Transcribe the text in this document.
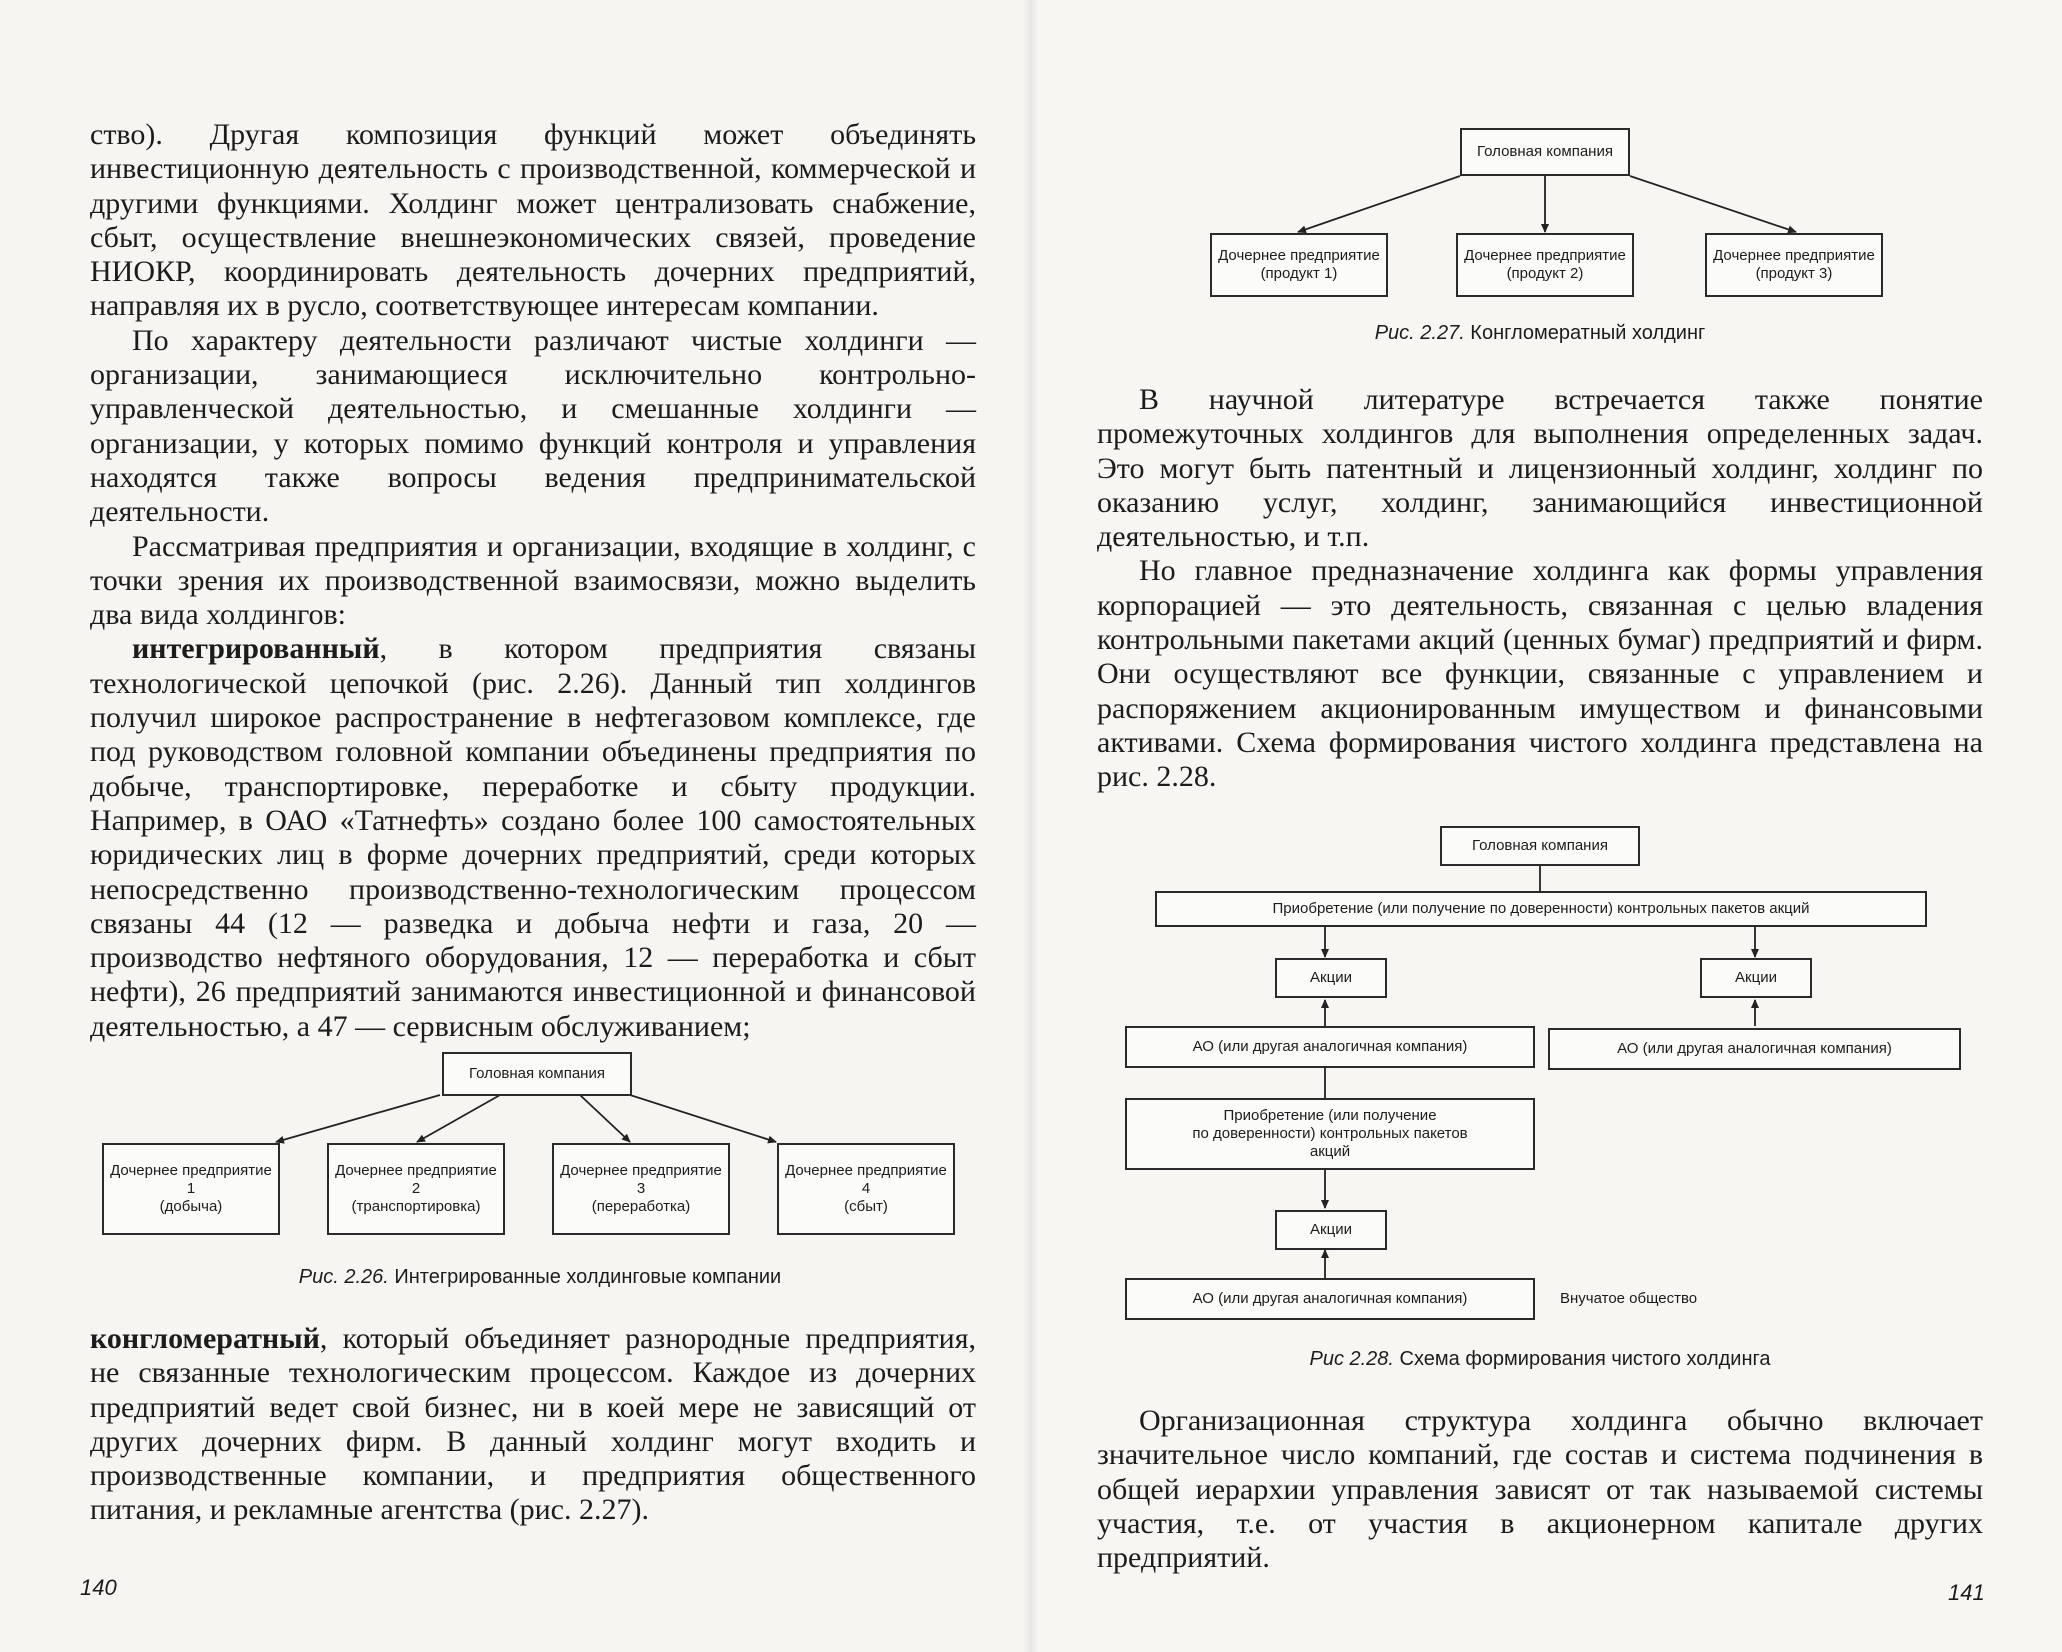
ство). Другая композиция функций может объединять инвестиционную деятельность с производственной, коммерческой и другими функциями. Холдинг может централизовать снабжение, сбыт, осуществление внешнеэкономических связей, проведение НИОКР, координировать деятельность дочерних предприятий, направляя их в русло, соответствующее интересам компании.

По характеру деятельности различают чистые холдинги — организации, занимающиеся исключительно контрольно-управленческой деятельностью, и смешанные холдинги — организации, у которых помимо функций контроля и управления находятся также вопросы ведения предпринимательской деятельности.

Рассматривая предприятия и организации, входящие в холдинг, с точки зрения их производственной взаимосвязи, можно выделить два вида холдингов:

интегрированный, в котором предприятия связаны технологической цепочкой (рис. 2.26). Данный тип холдингов получил широкое распространение в нефтегазовом комплексе, где под руководством головной компании объединены предприятия по добыче, транспортировке, переработке и сбыту продукции. Например, в ОАО «Татнефть» создано более 100 самостоятельных юридических лиц в форме дочерних предприятий, среди которых непосредственно производственно-технологическим процессом связаны 44 (12 — разведка и добыча нефти и газа, 20 — производство нефтяного оборудования, 12 — переработка и сбыт нефти), 26 предприятий занимаются инвестиционной и финансовой деятельностью, а 47 — сервисным обслуживанием;

Головная компания
Дочернее предприятие
1
(добыча)
Дочернее предприятие
2
(транспортировка)
Дочернее предприятие
3
(переработка)
Дочернее предприятие
4
(сбыт)
Рис. 2.26. Интегрированные холдинговые компании

конгломератный, который объединяет разнородные предприятия, не связанные технологическим процессом. Каждое из дочерних предприятий ведет свой бизнес, ни в коей мере не зависящий от других дочерних фирм. В данный холдинг могут входить и производственные компании, и предприятия общественного питания, и рекламные агентства (рис. 2.27).

140
Головная компания
Дочернее предприятие
(продукт 1)
Дочернее предприятие
(продукт 2)
Дочернее предприятие
(продукт 3)
Рис. 2.27. Конгломератный холдинг

В научной литературе встречается также понятие промежуточных холдингов для выполнения определенных задач. Это могут быть патентный и лицензионный холдинг, холдинг по оказанию услуг, холдинг, занимающийся инвестиционной деятельностью, и т.п.

Но главное предназначение холдинга как формы управления корпорацией — это деятельность, связанная с целью владения контрольными пакетами акций (ценных бумаг) предприятий и фирм. Они осуществляют все функции, связанные с управлением и распоряжением акционированным имуществом и финансовыми активами. Схема формирования чистого холдинга представлена на рис. 2.28.

Головная компания
Приобретение (или получение по доверенности) контрольных пакетов акций
Акции	Акции
АО (или другая аналогичная компания)	АО (или другая аналогичная компания)
Приобретение (или получение
по доверенности) контрольных пакетов
акций
Акции
АО (или другая аналогичная компания)	Внучатое общество
Рис 2.28. Схема формирования чистого холдинга

Организационная структура холдинга обычно включает значительное число компаний, где состав и система подчинения в общей иерархии управления зависят от так называемой системы участия, т.е. от участия в акционерном капитале других предприятий.

141
